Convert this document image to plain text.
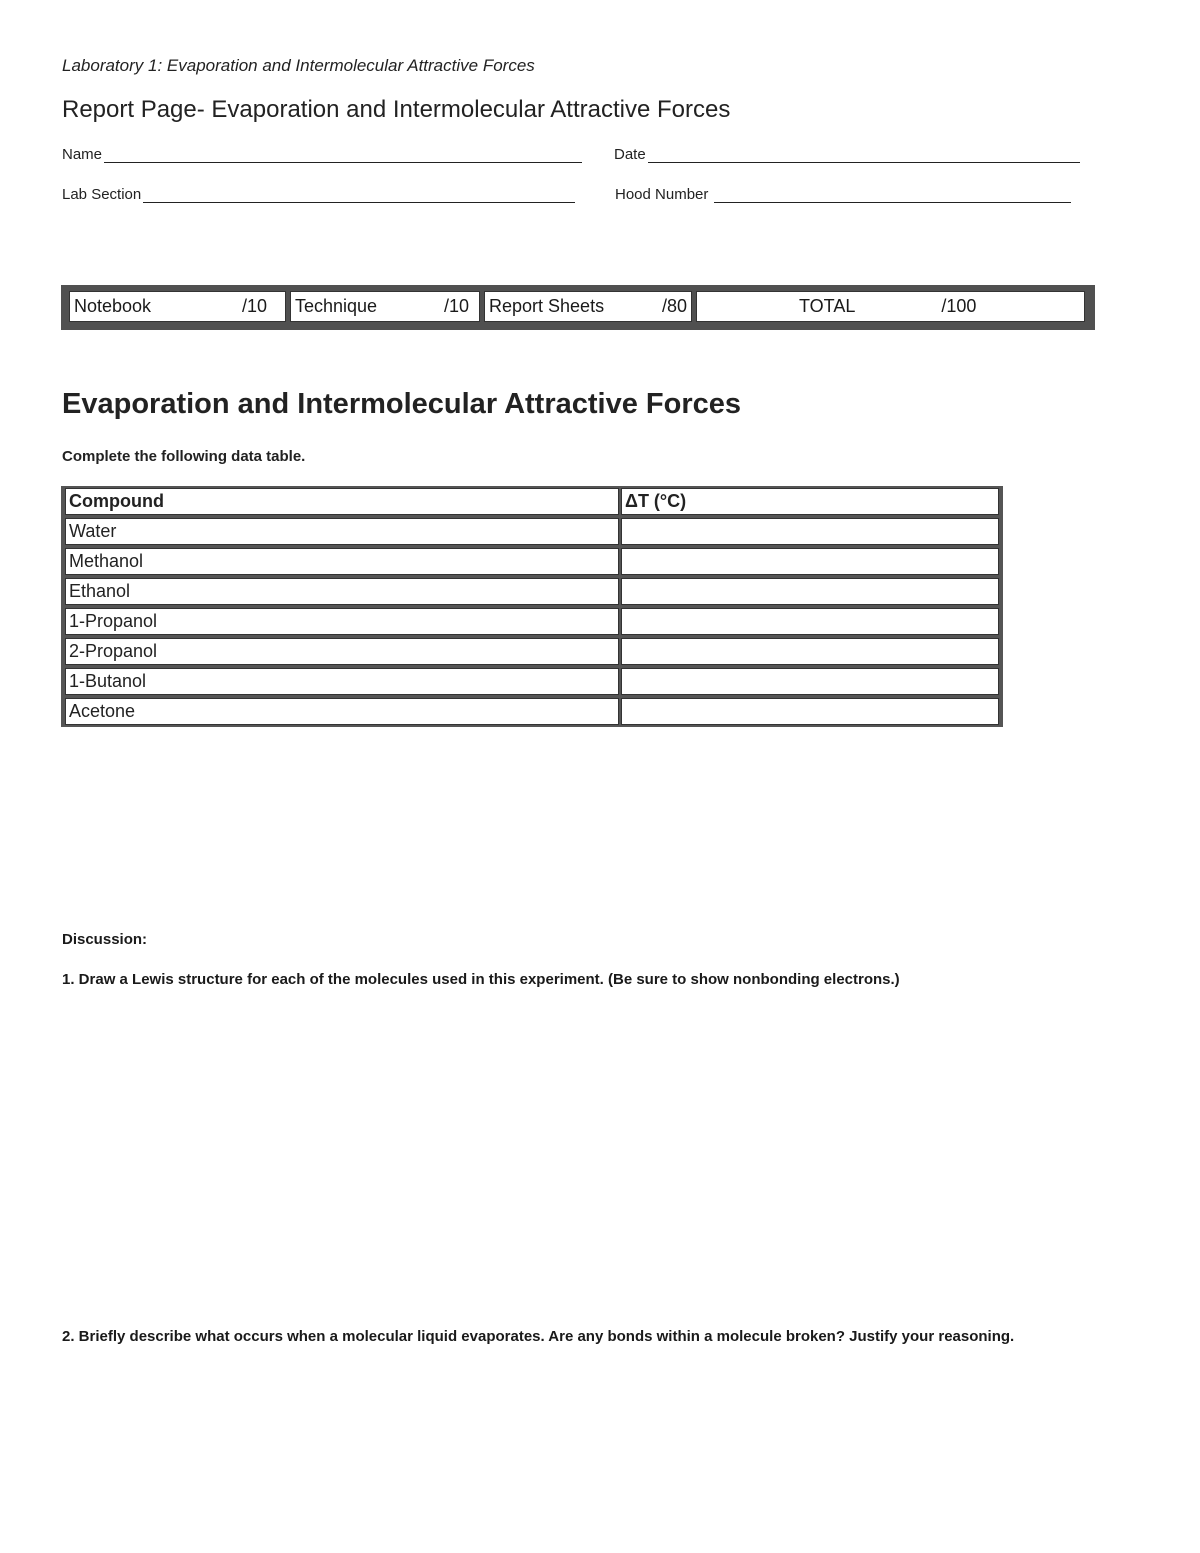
Laboratory 1: Evaporation and Intermolecular Attractive Forces
Report Page- Evaporation and Intermolecular Attractive Forces
Name	Date
Lab Section	Hood Number
Notebook	/10	Technique	/10	Report Sheets	/80	TOTAL	/100
Evaporation and Intermolecular Attractive Forces
Complete the following data table.
Compound	ΔT (°C)
Water	
Methanol	
Ethanol	
1-Propanol	
2-Propanol	
1-Butanol	
Acetone	
Discussion:
1. Draw a Lewis structure for each of the molecules used in this experiment. (Be sure to show nonbonding electrons.)
2. Briefly describe what occurs when a molecular liquid evaporates. Are any bonds within a molecule broken? Justify your reasoning.
